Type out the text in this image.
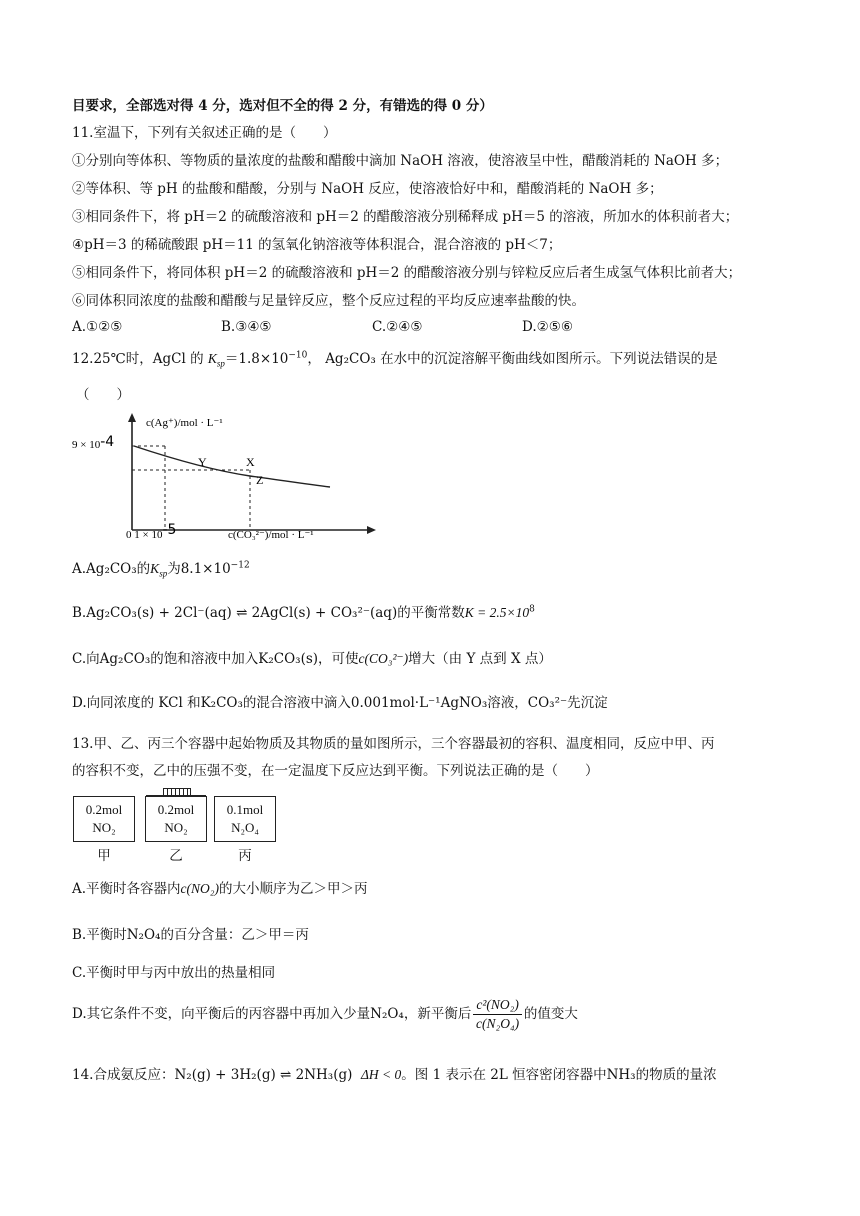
目要求，全部选对得 4 分，选对但不全的得 2 分，有错选的得 0 分）
11.室温下，下列有关叙述正确的是（　　）
①分别向等体积、等物质的量浓度的盐酸和醋酸中滴加 NaOH 溶液，使溶液呈中性，醋酸消耗的 NaOH 多；
②等体积、等 pH 的盐酸和醋酸，分别与 NaOH 反应，使溶液恰好中和，醋酸消耗的 NaOH 多；
③相同条件下，将 pH＝2 的硫酸溶液和 pH＝2 的醋酸溶液分别稀释成 pH＝5 的溶液，所加水的体积前者大；
④pH＝3 的稀硫酸跟 pH＝11 的氢氧化钠溶液等体积混合，混合溶液的 pH＜7；
⑤相同条件下，将同体积 pH＝2 的硫酸溶液和 pH＝2 的醋酸溶液分别与锌粒反应后者生成氢气体积比前者大；
⑥同体积同浓度的盐酸和醋酸与足量锌反应，整个反应过程的平均反应速率盐酸的快。
A.①②⑤	B.③④⑤	C.②④⑤	D.②⑤⑥
12.25℃时，AgCl 的 $K_{sp}=1.8\times 10^{-10}$， Ag₂CO₃ 在水中的沉淀溶解平衡曲线如图所示。下列说法错误的是
（　　）
c(Ag⁺)/mol · L⁻¹
9 × 10-4
Y	X
Z
0 1 × 10-5	c(CO₃²⁻)/mol · L⁻¹
A.Ag₂CO₃的$K_{sp}$为$8.1\times 10^{-12}$
B.Ag₂CO₃(s) + 2Cl⁻(aq) ⇌ 2AgCl(s) + CO₃²⁻(aq)的平衡常数$K = 2.5\times 10^8$
C.向Ag₂CO₃的饱和溶液中加入K₂CO₃(s)，可使c(CO₃²⁻)增大（由 Y 点到 X 点）
D.向同浓度的 KCl 和K₂CO₃的混合溶液中滴入0.001mol·L⁻¹AgNO₃溶液，CO₃²⁻先沉淀
13.甲、乙、丙三个容器中起始物质及其物质的量如图所示，三个容器最初的容积、温度相同，反应中甲、丙
的容积不变，乙中的压强不变，在一定温度下反应达到平衡。下列说法正确的是（　　）
0.2mol
NO₂
甲
0.2mol
NO₂
乙
0.1mol
N₂O₄
丙
A.平衡时各容器内c(NO₂)的大小顺序为乙＞甲＞丙
B.平衡时N₂O₄的百分含量：乙＞甲＝丙
C.平衡时甲与丙中放出的热量相同
D.其它条件不变，向平衡后的丙容器中再加入少量N₂O₄，新平衡后 $\frac{\text{c²(NO₂)}}{\text{c(N₂O₄)}}$ 的值变大
14.合成氨反应：N₂(g) + 3H₂(g) ⇌ 2NH₃(g) ΔH < 0。图 1 表示在 2L 恒容密闭容器中NH₃的物质的量浓
